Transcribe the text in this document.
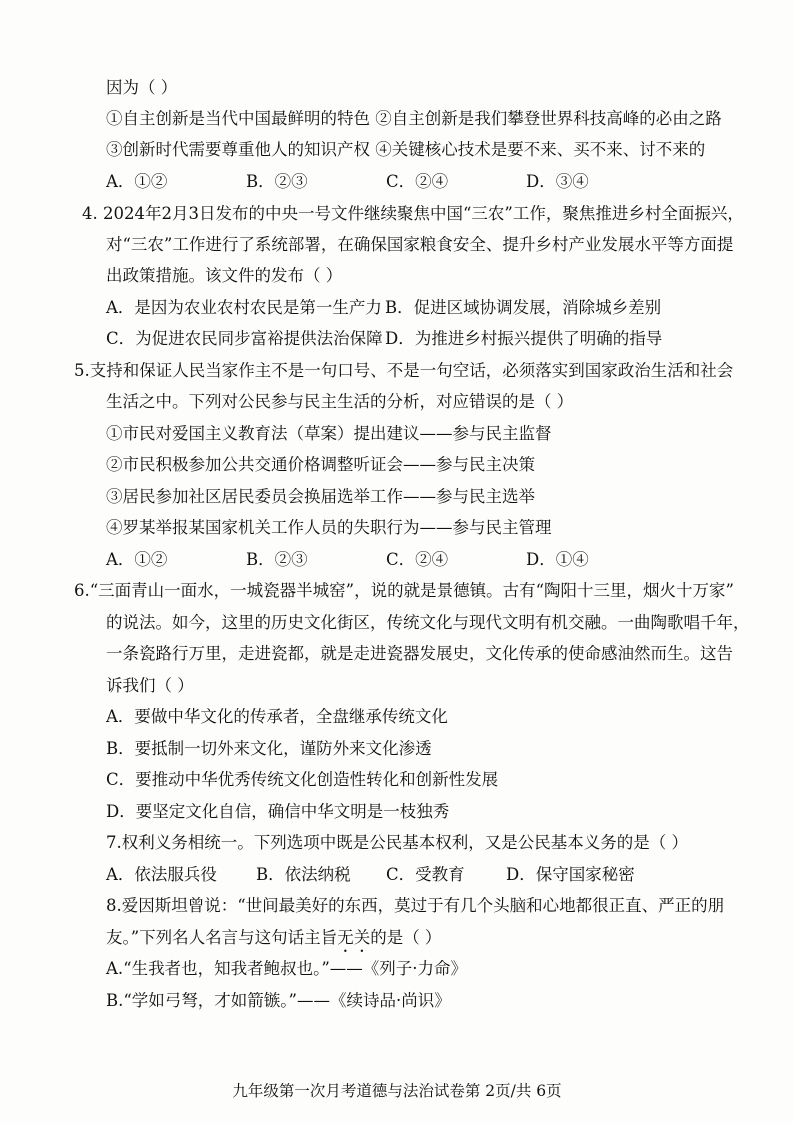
因为（ ）
①自主创新是当代中国最鲜明的特色 ②自主创新是我们攀登世界科技高峰的必由之路
③创新时代需要尊重他人的知识产权 ④关键核心技术是要不来、买不来、讨不来的
A．①②	B．②③	C．②④	D．③④
4. 2024年2月3日发布的中央一号文件继续聚焦中国“三农”工作，聚焦推进乡村全面振兴，
对“三农”工作进行了系统部署，在确保国家粮食安全、提升乡村产业发展水平等方面提
出政策措施。该文件的发布（ ）
A．是因为农业农村农民是第一生产力 B．促进区域协调发展，消除城乡差别
C．为促进农民同步富裕提供法治保障 D．为推进乡村振兴提供了明确的指导
5.支持和保证人民当家作主不是一句口号、不是一句空话，必须落实到国家政治生活和社会
生活之中。下列对公民参与民主生活的分析，对应错误的是（ ）
①市民对爱国主义教育法（草案）提出建议——参与民主监督
②市民积极参加公共交通价格调整听证会——参与民主决策
③居民参加社区居民委员会换届选举工作——参与民主选举
④罗某举报某国家机关工作人员的失职行为——参与民主管理
A．①②	B．②③	C．②④	D．①④
6.“三面青山一面水，一城瓷器半城窑”，说的就是景德镇。古有“陶阳十三里，烟火十万家”
的说法。如今，这里的历史文化街区，传统文化与现代文明有机交融。一曲陶歌唱千年，
一条瓷路行万里，走进瓷都，就是走进瓷器发展史，文化传承的使命感油然而生。这告
诉我们（ ）
A．要做中华文化的传承者，全盘继承传统文化
B．要抵制一切外来文化，谨防外来文化渗透
C．要推动中华优秀传统文化创造性转化和创新性发展
D．要坚定文化自信，确信中华文明是一枝独秀
7.权利义务相统一。下列选项中既是公民基本权利，又是公民基本义务的是（ ）
A．依法服兵役	B．依法纳税	C．受教育	D．保守国家秘密
8.爱因斯坦曾说：“世间最美好的东西，莫过于有几个头脑和心地都很正直、严正的朋
友。”下列名人名言与这句话主旨无关的是（ ）
A.“生我者也，知我者鲍叔也。”——《列子·力命》
B.“学如弓弩，才如箭镞。”——《续诗品·尚识》
九年级第一次月考道德与法治试卷第 2页/共 6页
